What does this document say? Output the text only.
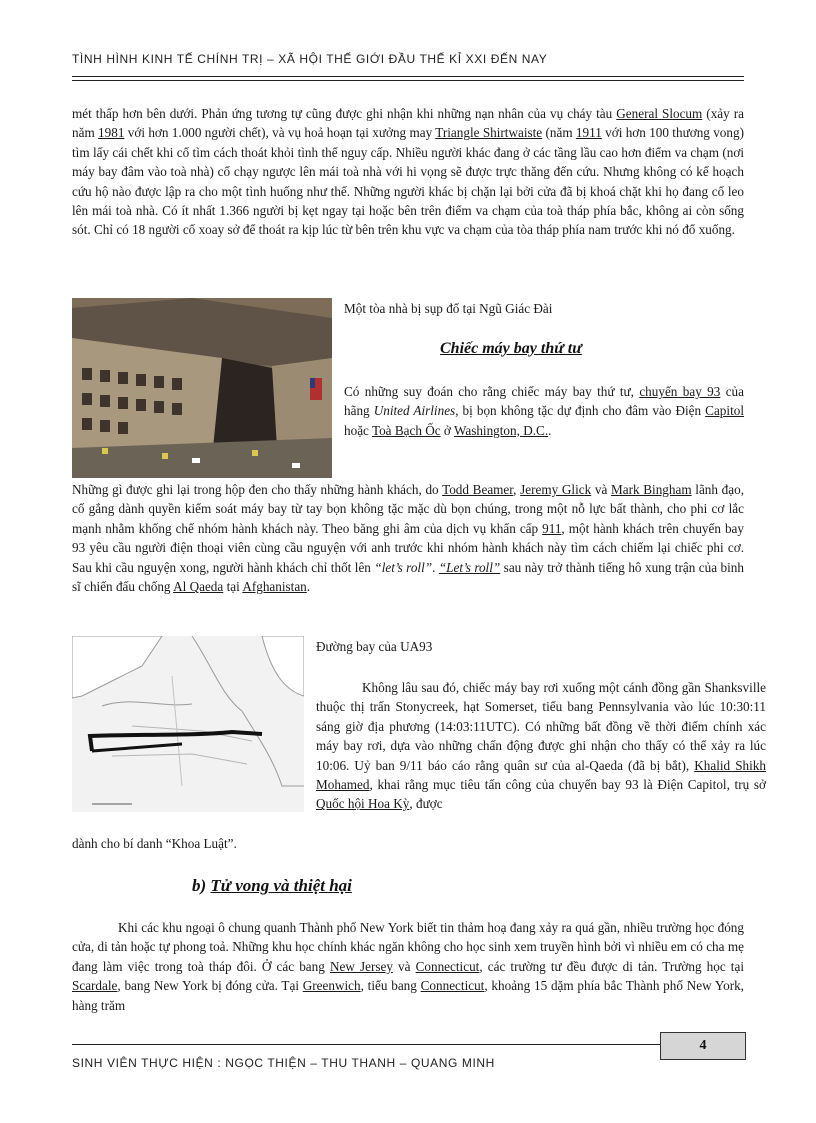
TÌNH HÌNH KINH TẾ CHÍNH TRỊ – XÃ HỘI THẾ GIỚI ĐẦU THẾ KỈ XXI ĐẾN NAY
mét thấp hơn bên dưới. Phản ứng tương tự cũng được ghi nhận khi những nạn nhân của vụ cháy tàu General Slocum (xảy ra năm 1981 với hơn 1.000 người chết), và vụ hoả hoạn tại xưởng may Triangle Shirtwaiste (năm 1911 với hơn 100 thương vong) tìm lấy cái chết khi cố tìm cách thoát khỏi tình thế nguy cấp. Nhiều người khác đang ở các tầng lầu cao hơn điểm va chạm (nơi máy bay đâm vào toà nhà) cố chạy ngược lên mái toà nhà với hi vọng sẽ được trực thăng đến cứu. Nhưng không có kế hoạch cứu hộ nào được lập ra cho một tình huống như thế. Những người khác bị chặn lại bởi cửa đã bị khoá chặt khi họ đang cố leo lên mái toà nhà. Có ít nhất 1.366 người bị kẹt ngay tại hoặc bên trên điểm va chạm của toà tháp phía bắc, không ai còn sống sót. Chỉ có 18 người cố xoay sở để thoát ra kịp lúc từ bên trên khu vực va chạm của tòa tháp phía nam trước khi nó đổ xuống.
Một tòa nhà bị sụp đổ tại Ngũ Giác Đài
Chiếc máy bay thứ tư
Có những suy đoán cho rằng chiếc máy bay thứ tư, chuyến bay 93 của hãng United Airlines, bị bọn không tặc dự định cho đâm vào Điện Capitol hoặc Toà Bạch Ốc ở Washington, D.C..
Những gì được ghi lại trong hộp đen cho thấy những hành khách, do Todd Beamer, Jeremy Glick và Mark Bingham lãnh đạo, cố gắng dành quyền kiểm soát máy bay từ tay bọn không tặc mặc dù bọn chúng, trong một nỗ lực bất thành, cho phi cơ lắc mạnh nhằm khống chế nhóm hành khách này. Theo băng ghi âm của dịch vụ khẩn cấp 911, một hành khách trên chuyến bay 93 yêu cầu người điện thoại viên cùng cầu nguyện với anh trước khi nhóm hành khách này tìm cách chiếm lại chiếc phi cơ. Sau khi cầu nguyện xong, người hành khách chỉ thốt lên “let’s roll”. “Let’s roll” sau này trở thành tiếng hô xung trận của binh sĩ chiến đấu chống Al Qaeda tại Afghanistan.
Đường bay của UA93
Không lâu sau đó, chiếc máy bay rơi xuống một cánh đồng gần Shanksville thuộc thị trấn Stonycreek, hạt Somerset, tiểu bang Pennsylvania vào lúc 10:30:11 sáng giờ địa phương (14:03:11UTC). Có những bất đồng về thời điểm chính xác máy bay rơi, dựa vào những chấn động được ghi nhận cho thấy có thể xảy ra lúc 10:06. Uỷ ban 9/11 báo cáo rằng quân sư của al-Qaeda (đã bị bắt), Khalid Shikh Mohamed, khai rằng mục tiêu tấn công của chuyến bay 93 là Điện Capitol, trụ sở Quốc hội Hoa Kỳ, được
dành cho bí danh “Khoa Luật”.
b) Tử vong và thiệt hại
Khi các khu ngoại ô chung quanh Thành phố New York biết tin thảm hoạ đang xảy ra quá gần, nhiều trường học đóng cửa, di tản hoặc tự phong toả. Những khu học chính khác ngăn không cho học sinh xem truyền hình bởi vì nhiều em có cha mẹ đang làm việc trong toà tháp đôi. Ở các bang New Jersey và Connecticut, các trường tư đều được di tản. Trường học tại Scardale, bang New York bị đóng cửa. Tại Greenwich, tiểu bang Connecticut, khoảng 15 dặm phía bắc Thành phố New York, hàng trăm
4
SINH VIÊN THỰC HIỆN : NGỌC THIỆN – THU THANH – QUANG MINH
